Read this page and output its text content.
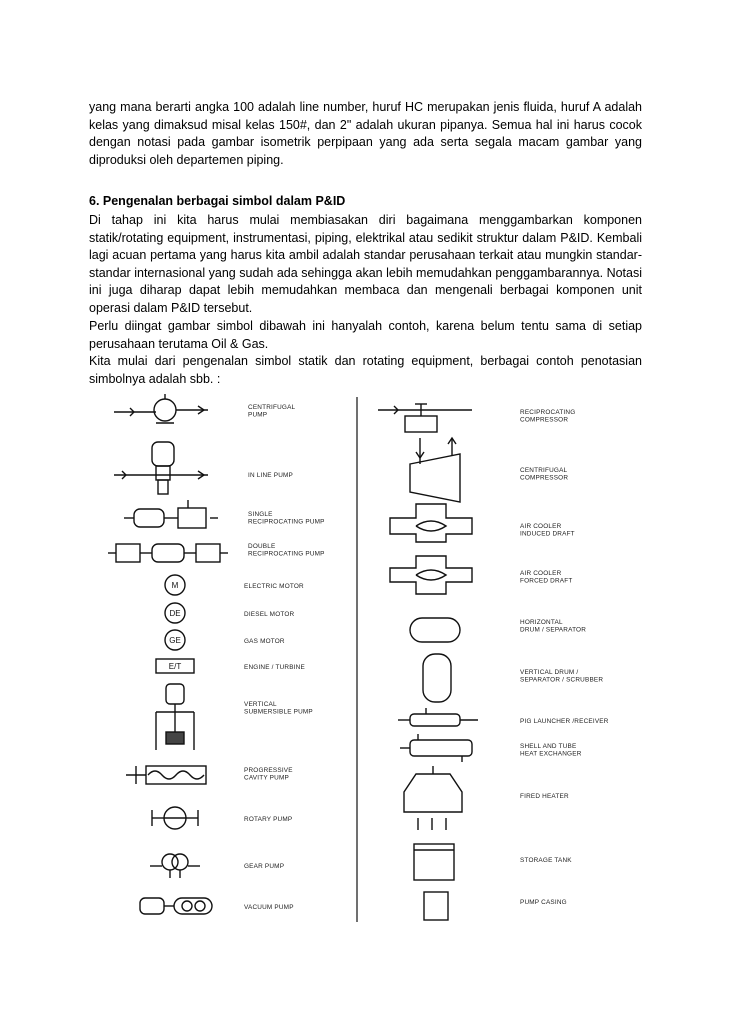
yang mana berarti angka 100 adalah line number, huruf HC merupakan jenis fluida, huruf A adalah kelas yang dimaksud misal kelas 150#, dan 2" adalah ukuran pipanya. Semua hal ini harus cocok dengan notasi pada gambar isometrik perpipaan yang ada serta segala macam gambar yang diproduksi oleh departemen piping.

6. Pengenalan berbagai simbol dalam P&ID

Di tahap ini kita harus mulai membiasakan diri bagaimana menggambarkan komponen statik/rotating equipment, instrumentasi, piping, elektrikal atau sedikit struktur dalam P&ID. Kembali lagi acuan pertama yang harus kita ambil adalah standar perusahaan terkait atau mungkin standar-standar internasional yang sudah ada sehingga akan lebih memudahkan penggambarannya. Notasi ini juga diharap dapat lebih memudahkan membaca dan mengenali berbagai komponen unit operasi dalam P&ID tersebut.

Perlu diingat gambar simbol dibawah ini hanyalah contoh, karena belum tentu sama di setiap perusahaan terutama Oil & Gas.

Kita mulai dari pengenalan simbol statik dan rotating equipment, berbagai contoh penotasian simbolnya adalah sbb. :

M
DE
GE
E/T
CENTRIFUGAL PUMP
IN LINE PUMP
SINGLE RECIPROCATING PUMP
DOUBLE RECIPROCATING PUMP
ELECTRIC MOTOR
DIESEL MOTOR
GAS MOTOR
ENGINE / TURBINE
VERTICAL SUBMERSIBLE PUMP
PROGRESSIVE CAVITY PUMP
ROTARY PUMP
GEAR PUMP
VACUUM PUMP
RECIPROCATING COMPRESSOR
CENTRIFUGAL COMPRESSOR
AIR COOLER INDUCED DRAFT
AIR COOLER FORCED DRAFT
HORIZONTAL DRUM / SEPARATOR
VERTICAL DRUM / SEPARATOR / SCRUBBER
PIG LAUNCHER /RECEIVER
SHELL AND TUBE HEAT EXCHANGER
FIRED HEATER
STORAGE TANK
PUMP CASING
